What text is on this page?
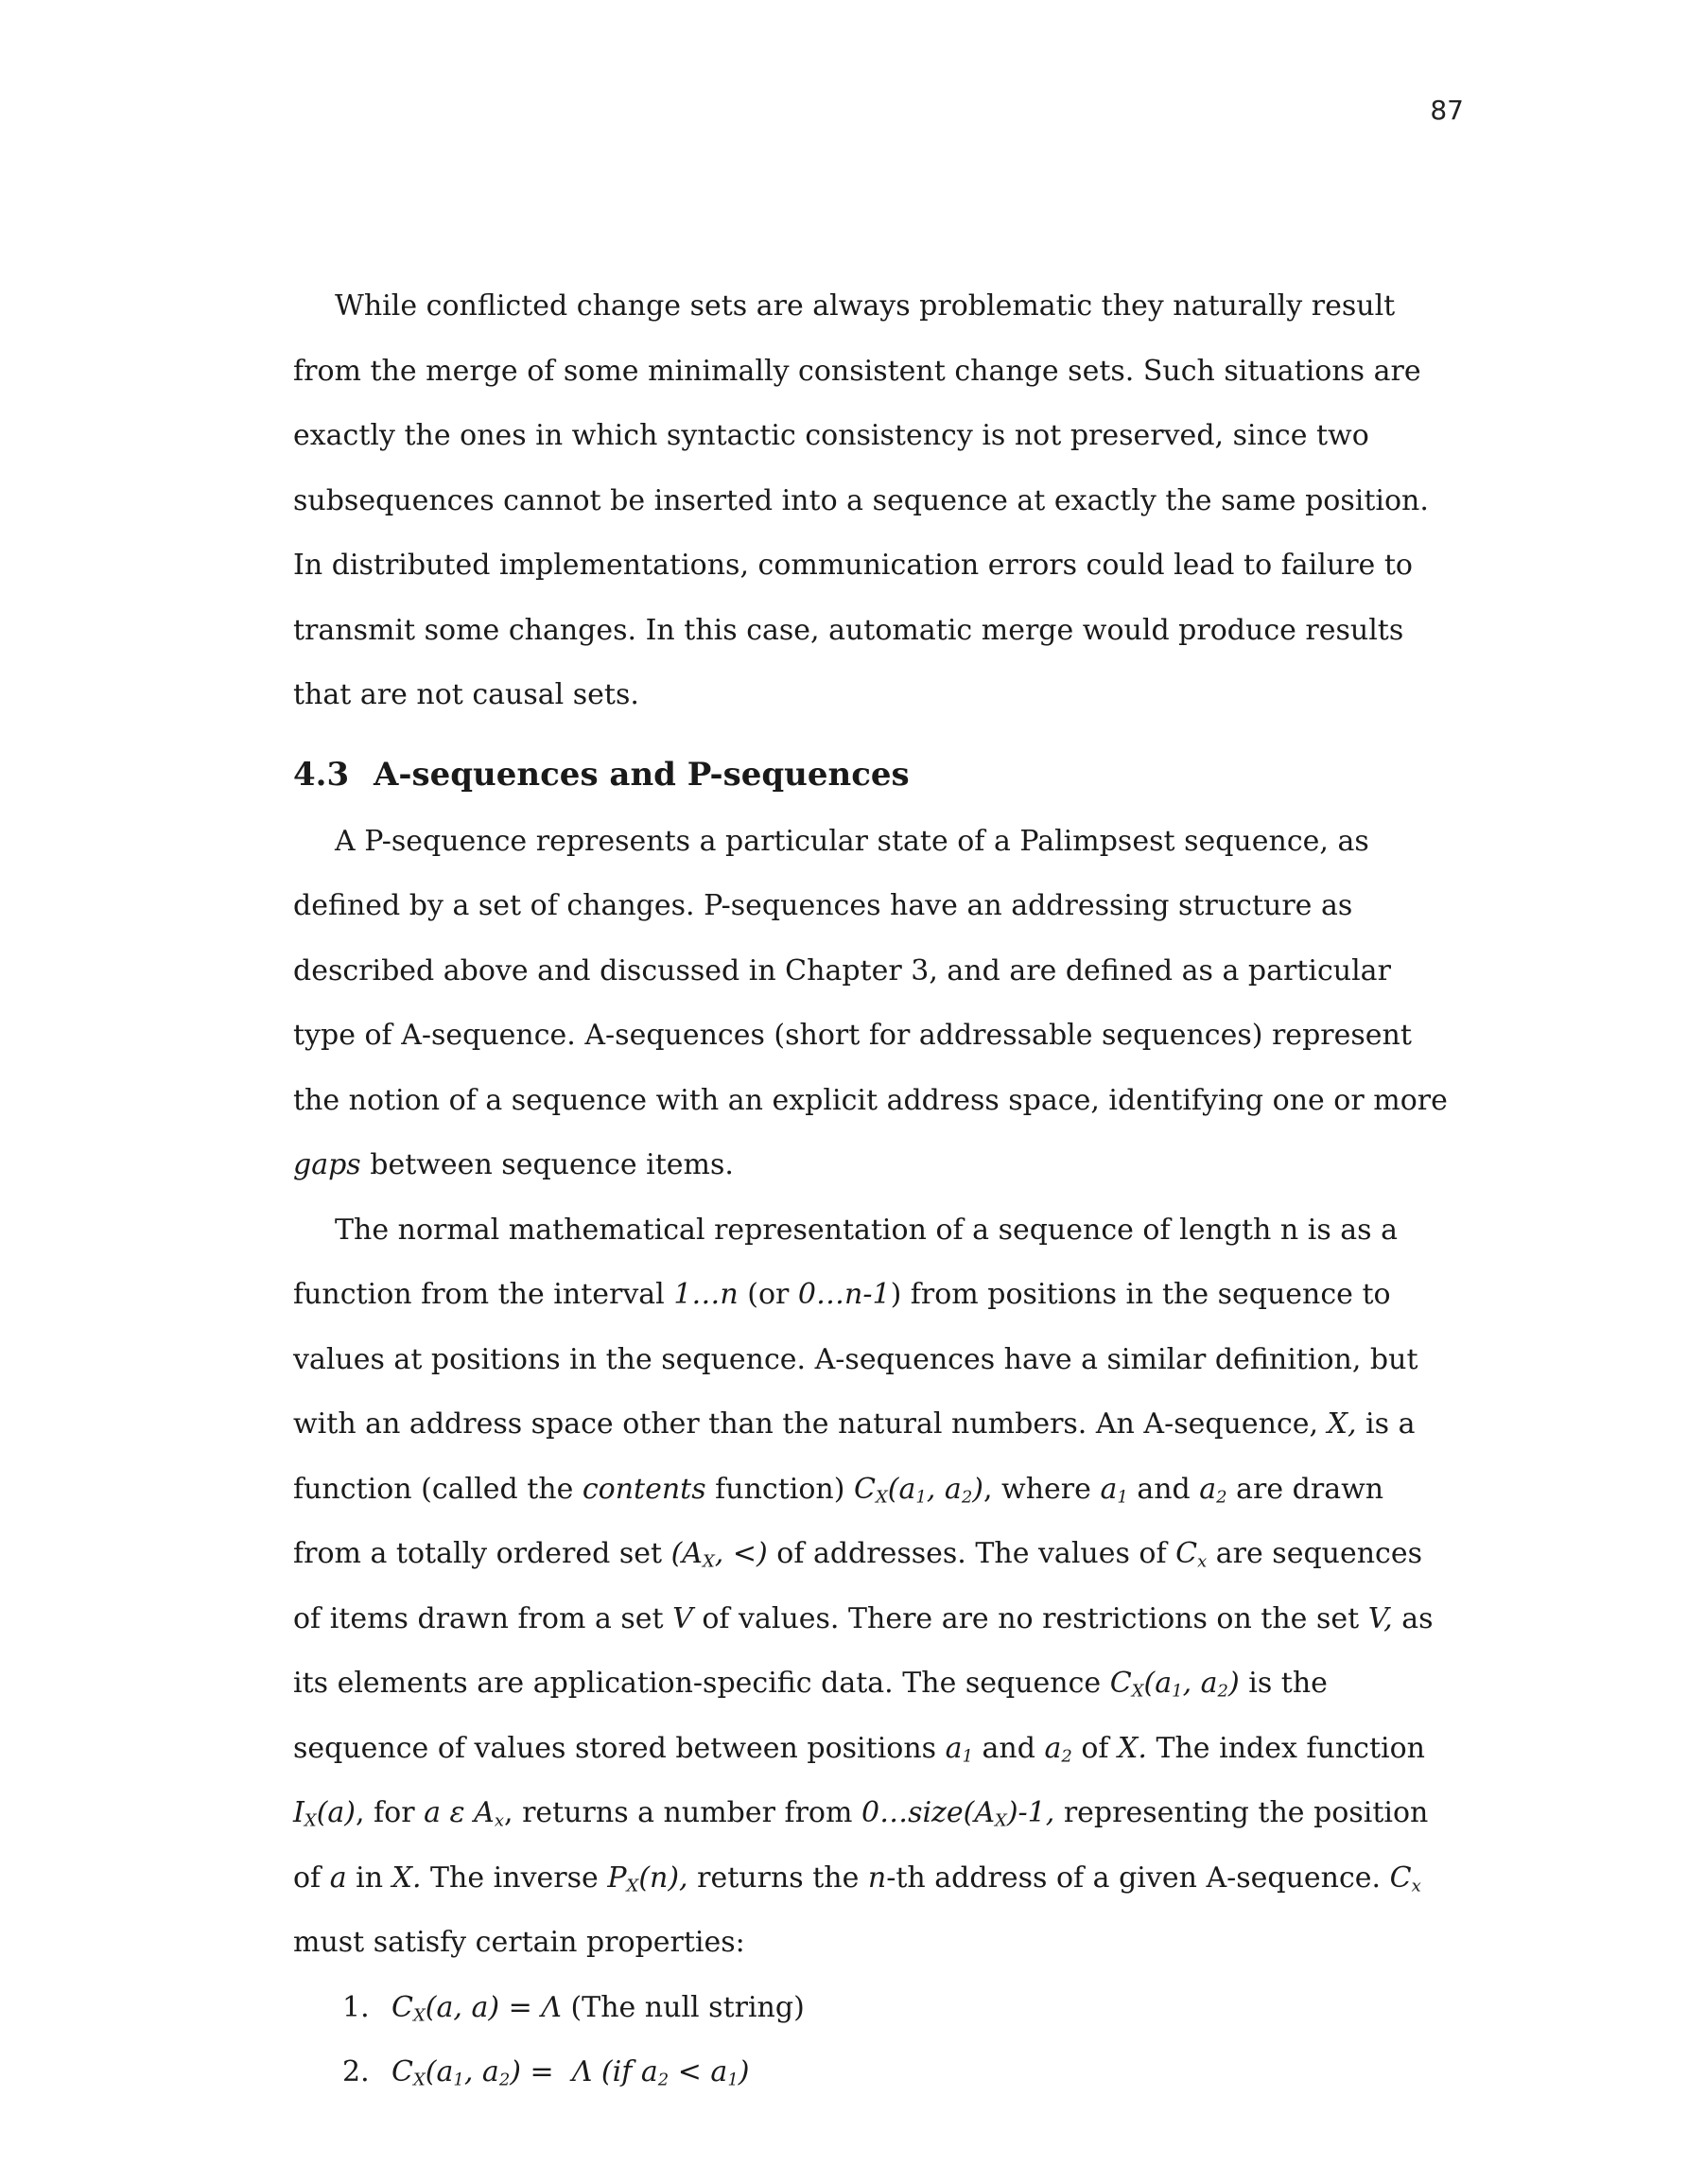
87

While conflicted change sets are always problematic they naturally result from the merge of some minimally consistent change sets. Such situations are exactly the ones in which syntactic consistency is not preserved, since two subsequences cannot be inserted into a sequence at exactly the same position. In distributed implementations, communication errors could lead to failure to transmit some changes. In this case, automatic merge would produce results that are not causal sets.

4.3 A-sequences and P-sequences

A P-sequence represents a particular state of a Palimpsest sequence, as defined by a set of changes. P-sequences have an addressing structure as described above and discussed in Chapter 3, and are defined as a particular type of A-sequence. A-sequences (short for addressable sequences) represent the notion of a sequence with an explicit address space, identifying one or more gaps between sequence items.

The normal mathematical representation of a sequence of length n is as a function from the interval 1…n (or 0…n-1) from positions in the sequence to values at positions in the sequence. A-sequences have a similar definition, but with an address space other than the natural numbers. An A-sequence, X, is a function (called the contents function) $C_X(a_1$, $a_2$), where $a_1$ and $a_2$ are drawn from a totally ordered set ($A_X$, <) of addresses. The values of $C_x$ are sequences of items drawn from a set V of values. There are no restrictions on the set V, as its elements are application-specific data. The sequence $C_X(a_1$, $a_2$) is the sequence of values stored between positions $a_1$ and $a_2$ of X. The index function $I_X(a)$, for a ε $A_x$, returns a number from $0\dots size(A_X)-1$, representing the position of a in X. The inverse $P_X(n)$, returns the n-th address of a given A-sequence. $C_x$ must satisfy certain properties:

1. $C_X(a$, a) = Λ (The null string)
2. $C_X(a_1$, $a_2) = \Lambda$ (if $a_2 < a_1$)
